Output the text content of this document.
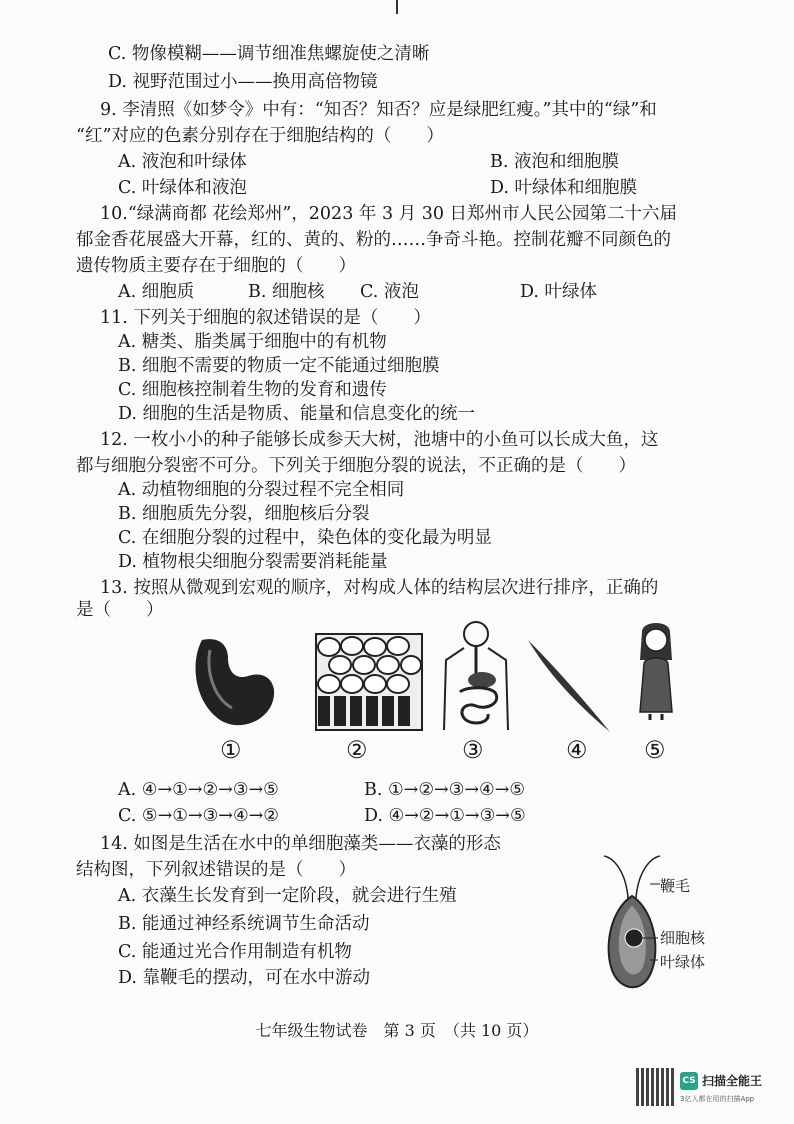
C. 物像模糊——调节细准焦螺旋使之清晰
D. 视野范围过小——换用高倍物镜
9. 李清照《如梦令》中有：“知否？知否？应是绿肥红瘦。”其中的“绿”和
“红”对应的色素分别存在于细胞结构的（　　）
A. 液泡和叶绿体	B. 液泡和细胞膜
C. 叶绿体和液泡	D. 叶绿体和细胞膜
10.“绿满商都 花绘郑州”，2023 年 3 月 30 日郑州市人民公园第二十六届
郁金香花展盛大开幕，红的、黄的、粉的……争奇斗艳。控制花瓣不同颜色的
遗传物质主要存在于细胞的（　　）
A. 细胞质	B. 细胞核 C. 液泡	D. 叶绿体
11. 下列关于细胞的叙述错误的是（　　）
A. 糖类、脂类属于细胞中的有机物
B. 细胞不需要的物质一定不能通过细胞膜
C. 细胞核控制着生物的发育和遗传
D. 细胞的生活是物质、能量和信息变化的统一
12. 一枚小小的种子能够长成参天大树，池塘中的小鱼可以长成大鱼，这
都与细胞分裂密不可分。下列关于细胞分裂的说法，不正确的是（　　）
A. 动植物细胞的分裂过程不完全相同
B. 细胞质先分裂，细胞核后分裂
C. 在细胞分裂的过程中，染色体的变化最为明显
D. 植物根尖细胞分裂需要消耗能量
13. 按照从微观到宏观的顺序，对构成人体的结构层次进行排序，正确的
是（　　）
①	②	③	④ ⑤
A. ④→①→②→③→⑤	B. ①→②→③→④→⑤
C. ⑤→①→③→④→②	D. ④→②→①→③→⑤
14. 如图是生活在水中的单细胞藻类——衣藻的形态
结构图，下列叙述错误的是（　　）
A. 衣藻生长发育到一定阶段，就会进行生殖
B. 能通过神经系统调节生命活动
C. 能通过光合作用制造有机物
D. 靠鞭毛的摆动，可在水中游动
鞭毛
细胞核
叶绿体
七年级生物试卷　第 3 页　（共 10 页）
CS 扫描全能王
3亿人都在用的扫描App
